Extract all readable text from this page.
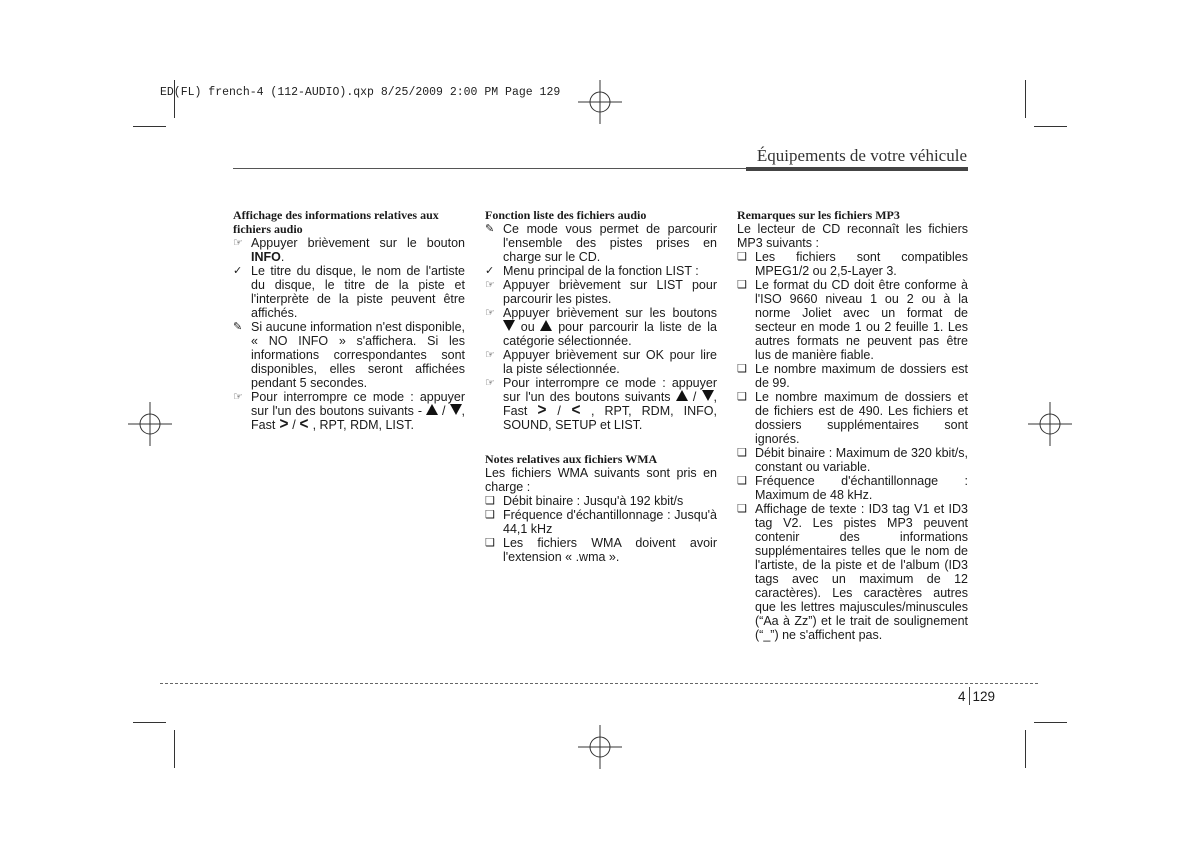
ED(FL) french-4 (112-AUDIO).qxp 8/25/2009 2:00 PM Page 129
Équipements de votre véhicule
Affichage des informations relatives aux fichiers audio
☞ Appuyer brièvement sur le bouton INFO.
✓ Le titre du disque, le nom de l'artiste du disque, le titre de la piste et l'interprète de la piste peuvent être affichés.
✎ Si aucune information n'est disponible, « NO INFO » s'affichera. Si les informations correspondantes sont disponibles, elles seront affichées pendant 5 secondes.
☞ Pour interrompre ce mode : appuyer sur l'un des boutons suivants -  / , Fast > / < , RPT, RDM, LIST.
Fonction liste des fichiers audio
✎ Ce mode vous permet de parcourir l'ensemble des pistes prises en charge sur le CD.
✓ Menu principal de la fonction LIST :
☞ Appuyer brièvement sur LIST pour parcourir les pistes.
☞ Appuyer brièvement sur les boutons  ou  pour parcourir la liste de la catégorie sélectionnée.
☞ Appuyer brièvement sur OK pour lire la piste sélectionnée.
☞ Pour interrompre ce mode : appuyer sur l'un des boutons suivants  / , Fast > / < , RPT, RDM, INFO, SOUND, SETUP et LIST.
Notes relatives aux fichiers WMA
Les fichiers WMA suivants sont pris en charge :
❑ Débit binaire : Jusqu'à 192 kbit/s
❑ Fréquence d'échantillonnage : Jusqu'à 44,1 kHz
❑ Les fichiers WMA doivent avoir l'extension « .wma ».
Remarques sur les fichiers MP3
Le lecteur de CD reconnaît les fichiers MP3 suivants :
❑ Les fichiers sont compatibles MPEG1/2 ou 2,5-Layer 3.
❑ Le format du CD doit être conforme à l'ISO 9660 niveau 1 ou 2 ou à la norme Joliet avec un format de secteur en mode 1 ou 2 feuille 1. Les autres formats ne peuvent pas être lus de manière fiable.
❑ Le nombre maximum de dossiers est de 99.
❑ Le nombre maximum de dossiers et de fichiers est de 490. Les fichiers et dossiers supplémentaires sont ignorés.
❑ Débit binaire : Maximum de 320 kbit/s, constant ou variable.
❑ Fréquence d'échantillonnage : Maximum de 48 kHz.
❑ Affichage de texte : ID3 tag V1 et ID3 tag V2. Les pistes MP3 peuvent contenir des informations supplémentaires telles que le nom de l'artiste, de la piste et de l'album (ID3 tags avec un maximum de 12 caractères). Les caractères autres que les lettres majuscules/minuscules (“Aa à Zz”) et le trait de soulignement (“_”) ne s'affichent pas.
4 129
